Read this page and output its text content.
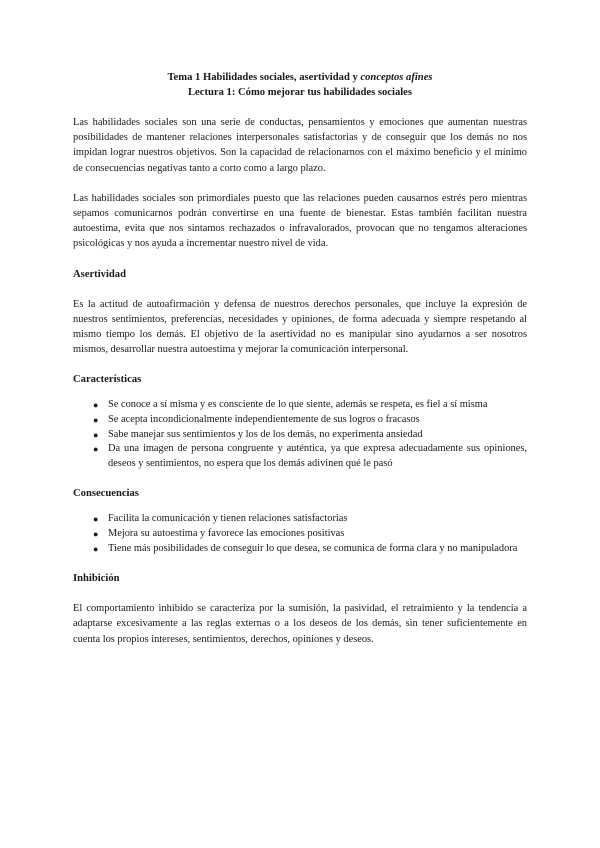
Tema 1 Habilidades sociales, asertividad y conceptos afines

Lectura 1: Cómo mejorar tus habilidades sociales

Las habilidades sociales son una serie de conductas, pensamientos y emociones que aumentan nuestras posibilidades de mantener relaciones interpersonales satisfactorias y de conseguir que los demás no nos impidan lograr nuestros objetivos. Son la capacidad de relacionarnos con el máximo beneficio y el mínimo de consecuencias negativas tanto a corto como a largo plazo.

Las habilidades sociales son primordiales puesto que las relaciones pueden causarnos estrés pero mientras sepamos comunicarnos podrán convertirse en una fuente de bienestar. Estas también facilitan nuestra autoestima, evita que nos sintamos rechazados o infravalorados, provocan que no tengamos alteraciones psicológicas y nos ayuda a incrementar nuestro nivel de vida.

Asertividad

Es la actitud de autoafirmación y defensa de nuestros derechos personales, que incluye la expresión de nuestros sentimientos, preferencias, necesidades y opiniones, de forma adecuada y siempre respetando al mismo tiempo los demás. El objetivo de la asertividad no es manipular sino ayudarnos a ser nosotros mismos, desarrollar nuestra autoestima y mejorar la comunicación interpersonal.

Características

● Se conoce a sí misma y es consciente de lo que siente, además se respeta, es fiel a sí misma
● Se acepta incondicionalmente independientemente de sus logros o fracasos
● Sabe manejar sus sentimientos y los de los demás, no experimenta ansiedad
● Da una imagen de persona congruente y auténtica, ya que expresa adecuadamente sus opiniones, deseos y sentimientos, no espera que los demás adivinen qué le pasó

Consecuencias

● Facilita la comunicación y tienen relaciones satisfactorias
● Mejora su autoestima y favorece las emociones positivas
● Tiene más posibilidades de conseguir lo que desea, se comunica de forma clara y no manipuladora

Inhibición

El comportamiento inhibido se caracteriza por la sumisión, la pasividad, el retraimiento y la tendencia a adaptarse excesivamente a las reglas externas o a los deseos de los demás, sin tener suficientemente en cuenta los propios intereses, sentimientos, derechos, opiniones y deseos.
